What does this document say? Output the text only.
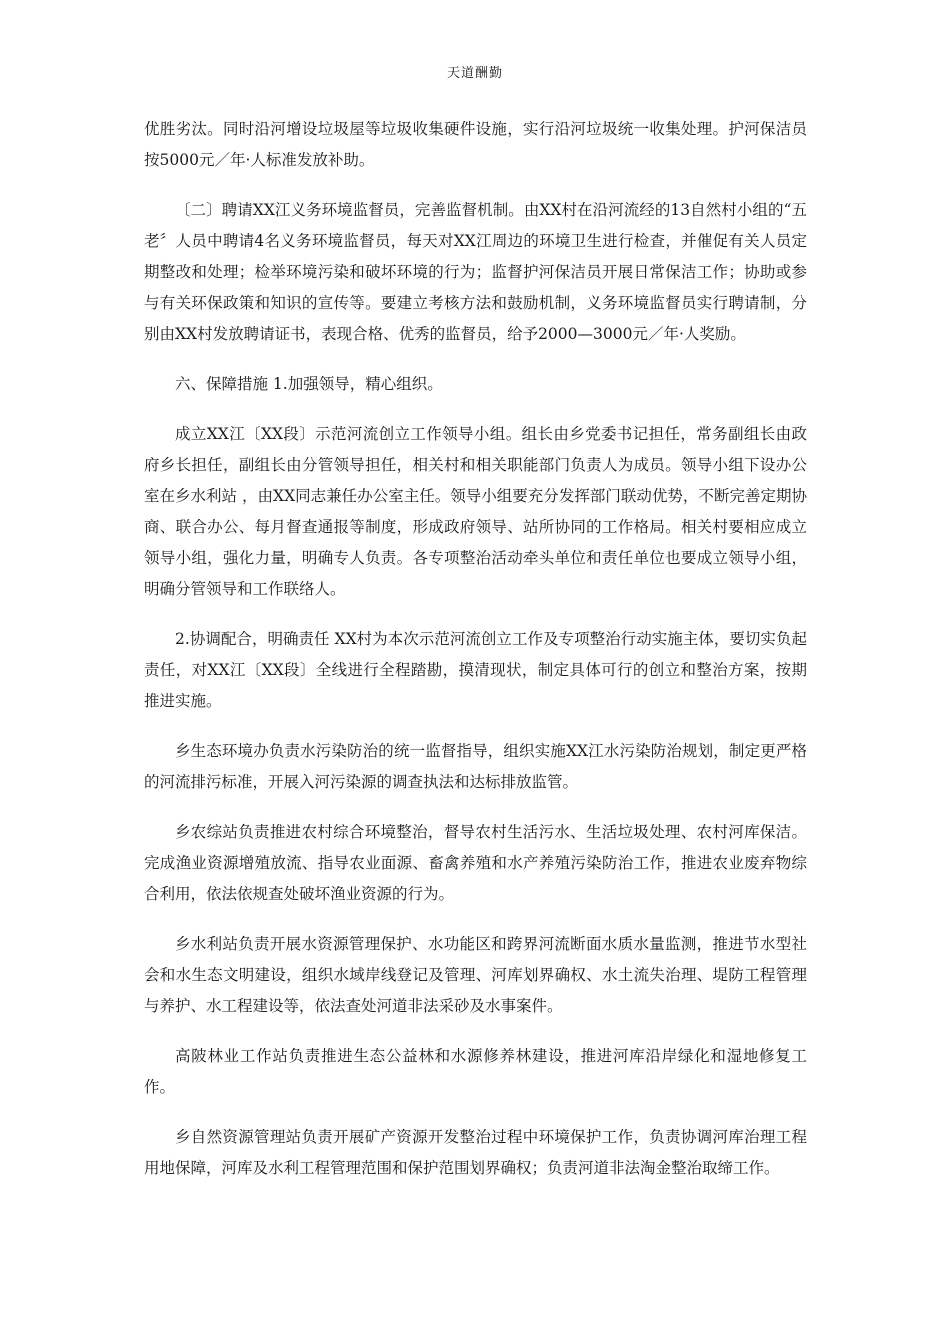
天道酬勤

优胜劣汰。同时沿河增设垃圾屋等垃圾收集硬件设施，实行沿河垃圾统一收集处理。护河保洁员按5000元／年·人标准发放补助。

〔二〕聘请XX江义务环境监督员，完善监督机制。由XX村在沿河流经的13自然村小组的“五老〞人员中聘请4名义务环境监督员，每天对XX江周边的环境卫生进行检查，并催促有关人员定期整改和处理；检举环境污染和破坏环境的行为；监督护河保洁员开展日常保洁工作；协助或参与有关环保政策和知识的宣传等。要建立考核方法和鼓励机制，义务环境监督员实行聘请制，分别由XX村发放聘请证书，表现合格、优秀的监督员，给予2000—3000元／年·人奖励。

六、保障措施 1.加强领导，精心组织。

成立XX江〔XX段〕示范河流创立工作领导小组。组长由乡党委书记担任，常务副组长由政府乡长担任，副组长由分管领导担任，相关村和相关职能部门负责人为成员。领导小组下设办公室在乡水利站 ，由XX同志兼任办公室主任。领导小组要充分发挥部门联动优势，不断完善定期协商、联合办公、每月督查通报等制度，形成政府领导、站所协同的工作格局。相关村要相应成立领导小组，强化力量，明确专人负责。各专项整治活动牵头单位和责任单位也要成立领导小组，明确分管领导和工作联络人。

2.协调配合，明确责任 XX村为本次示范河流创立工作及专项整治行动实施主体，要切实负起责任，对XX江〔XX段〕全线进行全程踏勘，摸清现状，制定具体可行的创立和整治方案，按期推进实施。

乡生态环境办负责水污染防治的统一监督指导，组织实施XX江水污染防治规划，制定更严格的河流排污标准，开展入河污染源的调查执法和达标排放监管。

乡农综站负责推进农村综合环境整治，督导农村生活污水、生活垃圾处理、农村河库保洁。完成渔业资源增殖放流、指导农业面源、畜禽养殖和水产养殖污染防治工作，推进农业废弃物综合利用，依法依规查处破坏渔业资源的行为。

乡水利站负责开展水资源管理保护、水功能区和跨界河流断面水质水量监测，推进节水型社会和水生态文明建设，组织水域岸线登记及管理、河库划界确权、水土流失治理、堤防工程管理与养护、水工程建设等，依法查处河道非法采砂及水事案件。

高陂林业工作站负责推进生态公益林和水源修养林建设，推进河库沿岸绿化和湿地修复工作。

乡自然资源管理站负责开展矿产资源开发整治过程中环境保护工作，负责协调河库治理工程用地保障，河库及水利工程管理范围和保护范围划界确权；负责河道非法淘金整治取缔工作。
